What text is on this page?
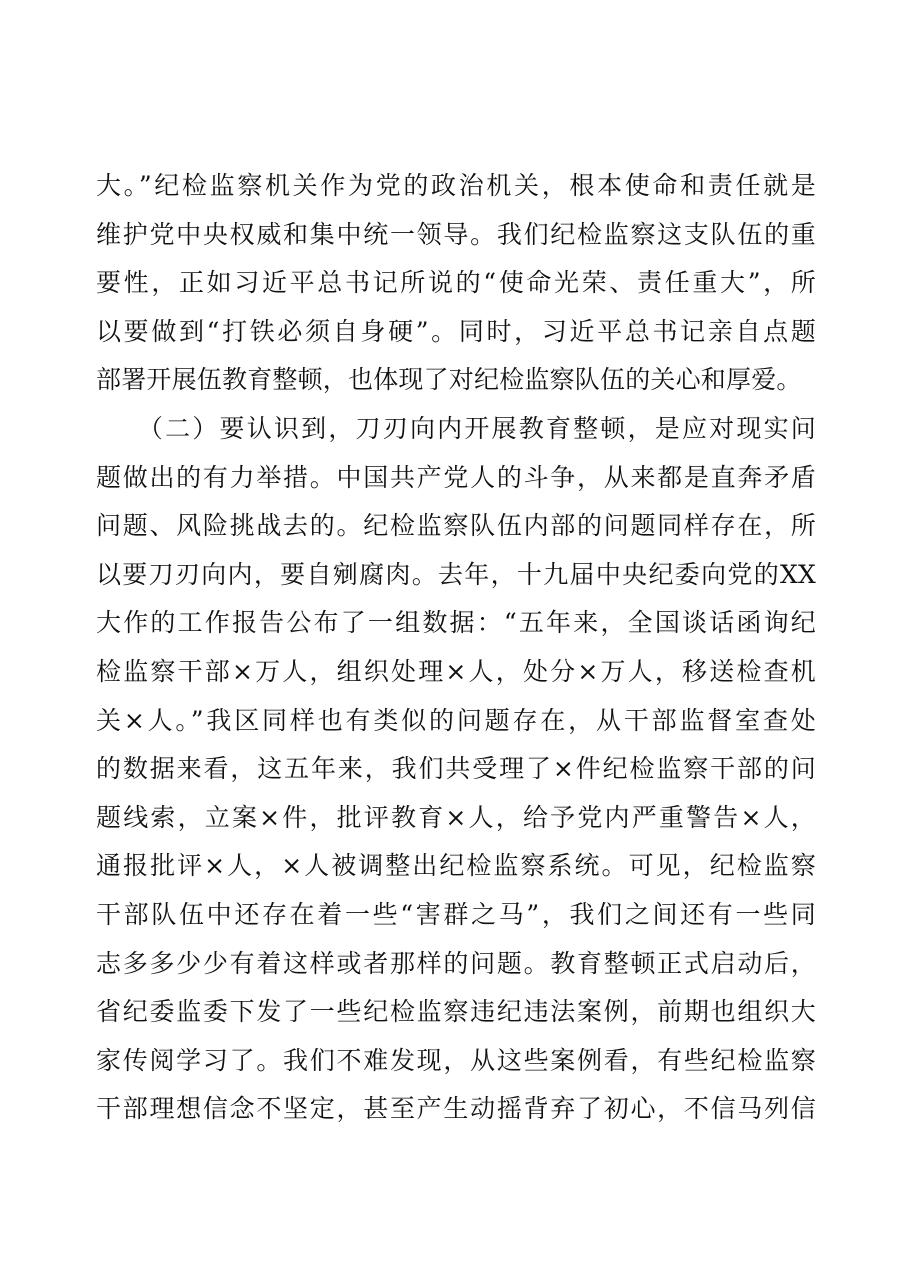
大。”纪检监察机关作为党的政治机关，根本使命和责任就是
维护党中央权威和集中统一领导。我们纪检监察这支队伍的重
要性，正如习近平总书记所说的“使命光荣、责任重大”，所
以要做到“打铁必须自身硬”。同时，习近平总书记亲自点题
部署开展伍教育整顿，也体现了对纪检监察队伍的关心和厚爱。
　　（二）要认识到，刀刃向内开展教育整顿，是应对现实问
题做出的有力举措。中国共产党人的斗争，从来都是直奔矛盾
问题、风险挑战去的。纪检监察队伍内部的问题同样存在，所
以要刀刃向内，要自剜腐肉。去年，十九届中央纪委向党的XX
大作的工作报告公布了一组数据：“五年来，全国谈话函询纪
检监察干部×万人，组织处理×人，处分×万人，移送检查机
关×人。”我区同样也有类似的问题存在，从干部监督室查处
的数据来看，这五年来，我们共受理了×件纪检监察干部的问
题线索，立案×件，批评教育×人，给予党内严重警告×人，
通报批评×人，×人被调整出纪检监察系统。可见，纪检监察
干部队伍中还存在着一些“害群之马”，我们之间还有一些同
志多多少少有着这样或者那样的问题。教育整顿正式启动后，
省纪委监委下发了一些纪检监察违纪违法案例，前期也组织大
家传阅学习了。我们不难发现，从这些案例看，有些纪检监察
干部理想信念不坚定，甚至产生动摇背弃了初心，不信马列信
